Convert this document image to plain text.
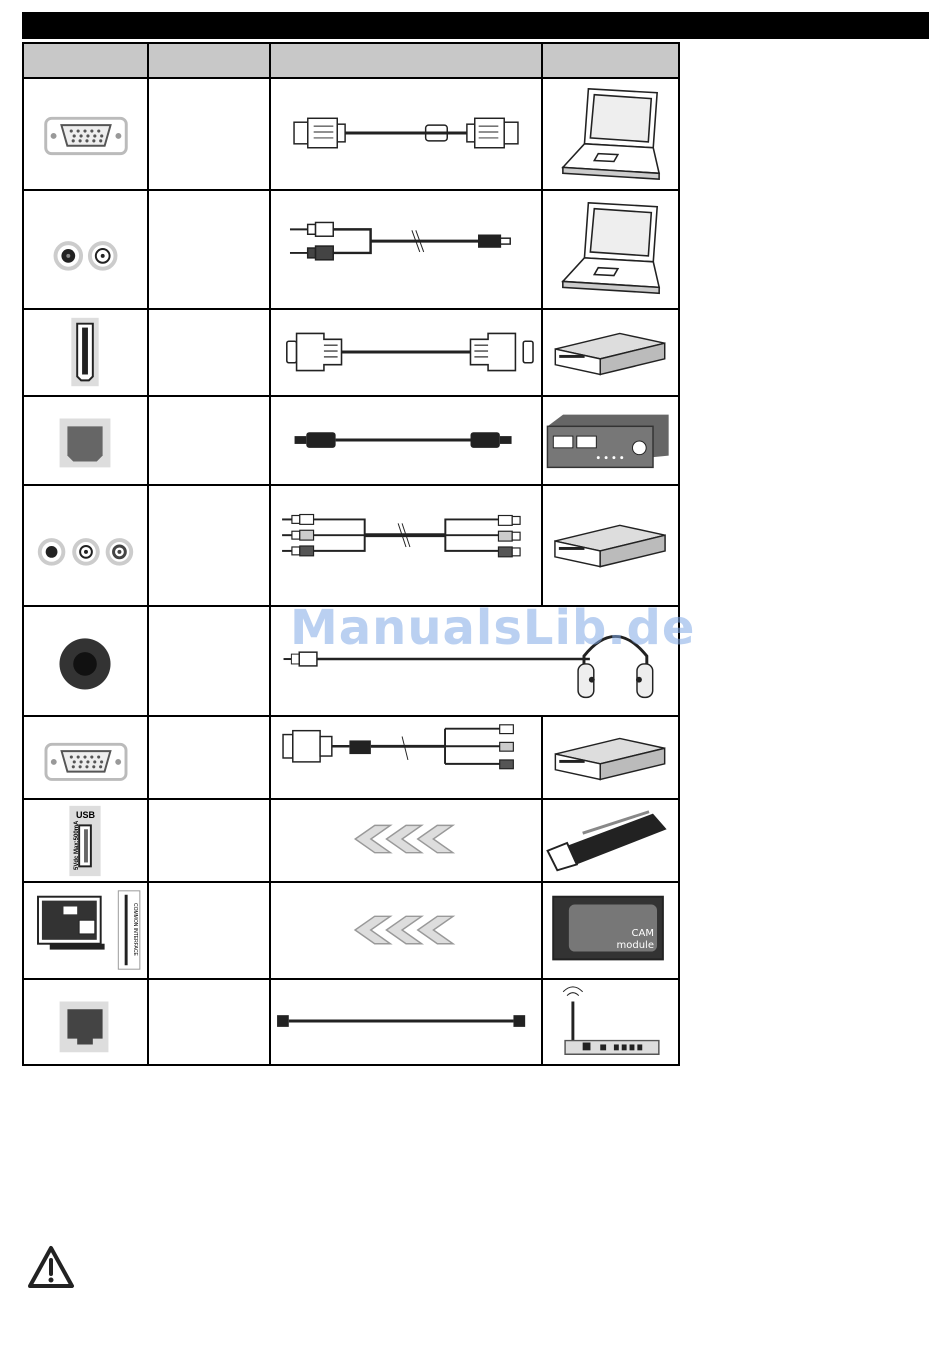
USB
5Vdc Max:500mA

COMMON INTERFACE			CAM
module

ManualsLib.de
